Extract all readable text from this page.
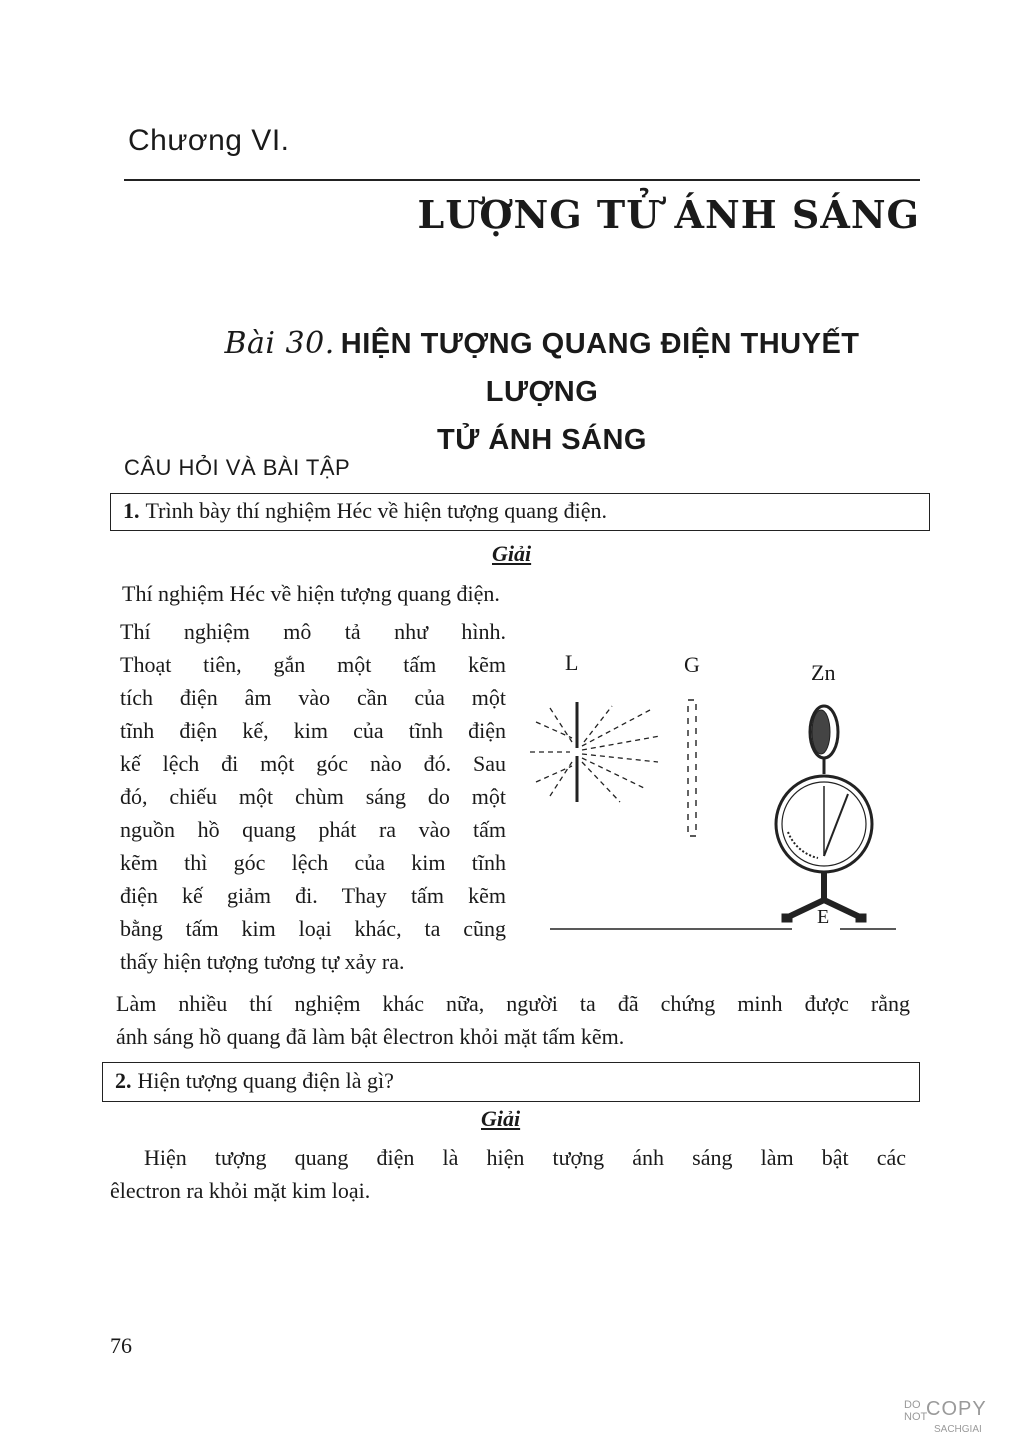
Chương VI.
LƯỢNG TỬ ÁNH SÁNG
Bài 30. HIỆN TƯỢNG QUANG ĐIỆN THUYẾT LƯỢNG
TỬ ÁNH SÁNG
CÂU HỎI VÀ BÀI TẬP
1. Trình bày thí nghiệm Héc về hiện tượng quang điện.
Giải
Thí nghiệm Héc về hiện tượng quang điện.
Thí nghiệm mô tả như hình.
Thoạt tiên, gắn một tấm kẽm
tích điện âm vào cần của một
tĩnh điện kế, kim của tĩnh điện
kế lệch đi một góc nào đó. Sau
đó, chiếu một chùm sáng do một
nguồn hồ quang phát ra vào tấm
kẽm thì góc lệch của kim tĩnh
điện kế giảm đi. Thay tấm kẽm
bằng tấm kim loại khác, ta cũng
thấy hiện tượng tương tự xảy ra.
L	G	Zn
E
Làm nhiều thí nghiệm khác nữa, người ta đã chứng minh được rằng
ánh sáng hồ quang đã làm bật êlectron khỏi mặt tấm kẽm.
2. Hiện tượng quang điện là gì?
Giải
Hiện tượng quang điện là hiện tượng ánh sáng làm bật các
êlectron ra khỏi mặt kim loại.
76
DO
NOT
COPY
SACHGIAI
